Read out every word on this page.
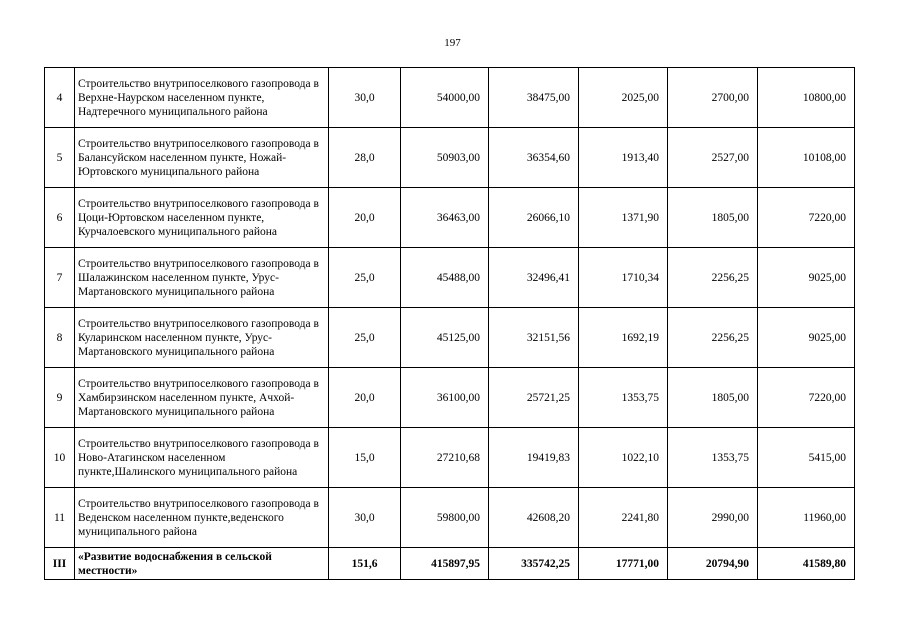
197
4	Строительство внутрипоселкового газопровода в Верхне-Наурском населенном пункте, Надтеречного муниципального района	30,0	54000,00	38475,00	2025,00	2700,00	10800,00
5	Строительство внутрипоселкового газопровода в Балансуйском населенном пункте, Ножай-Юртовского муниципального района	28,0	50903,00	36354,60	1913,40	2527,00	10108,00
6	Строительство внутрипоселкового газопровода в Цоци-Юртовском населенном пункте, Курчалоевского муниципального района	20,0	36463,00	26066,10	1371,90	1805,00	7220,00
7	Строительство внутрипоселкового газопровода в Шалажинском населенном пункте, Урус-Мартановского муниципального района	25,0	45488,00	32496,41	1710,34	2256,25	9025,00
8	Строительство внутрипоселкового газопровода в Куларинском населенном пункте, Урус-Мартановского муниципального района	25,0	45125,00	32151,56	1692,19	2256,25	9025,00
9	Строительство внутрипоселкового газопровода в Хамбирзинском населенном пункте, Ачхой-Мартановского муниципального района	20,0	36100,00	25721,25	1353,75	1805,00	7220,00
10	Строительство внутрипоселкового газопровода в Ново-Атагинском населенном пункте,Шалинского муниципального района	15,0	27210,68	19419,83	1022,10	1353,75	5415,00
11	Строительство внутрипоселкового газопровода в Веденском населенном пункте,веденского муниципального района	30,0	59800,00	42608,20	2241,80	2990,00	11960,00
III	«Развитие водоснабжения в сельской местности»	151,6	415897,95	335742,25	17771,00	20794,90	41589,80
